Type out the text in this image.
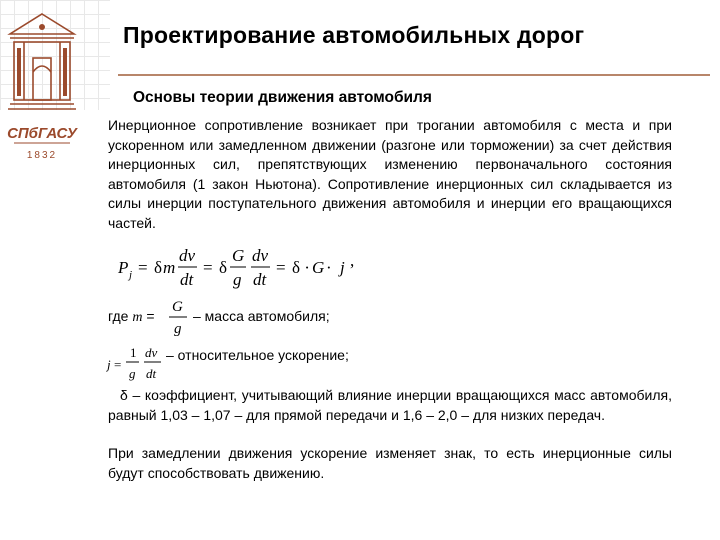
СПбГАСУ
1832
Проектирование автомобильных дорог
Основы теории движения автомобиля
Инерционное сопротивление возникает при трогании автомобиля с места и при ускоренном или замедленном движении (разгоне или торможении) за счет действия инерционных сил, препятствующих изменению первоначального состояния автомобиля (1 закон Ньютона). Сопротивление инерционных сил складывается из силы инерции поступательного движения автомобиля и инерции его вращающихся частей.
P j = δ m
dv
dt
= δ
G
g
dv
dt
= δ · G · j ,
где m =
G
g
– масса автомобиля;
j =
1
g
dv
dt
– относительное ускорение;
δ – коэффициент, учитывающий влияние инерции вращающихся масс автомобиля, равный 1,03 – 1,07 – для прямой передачи и 1,6 – 2,0 – для низких передач.
При замедлении движения ускорение изменяет знак, то есть инерционные силы будут способствовать движению.
